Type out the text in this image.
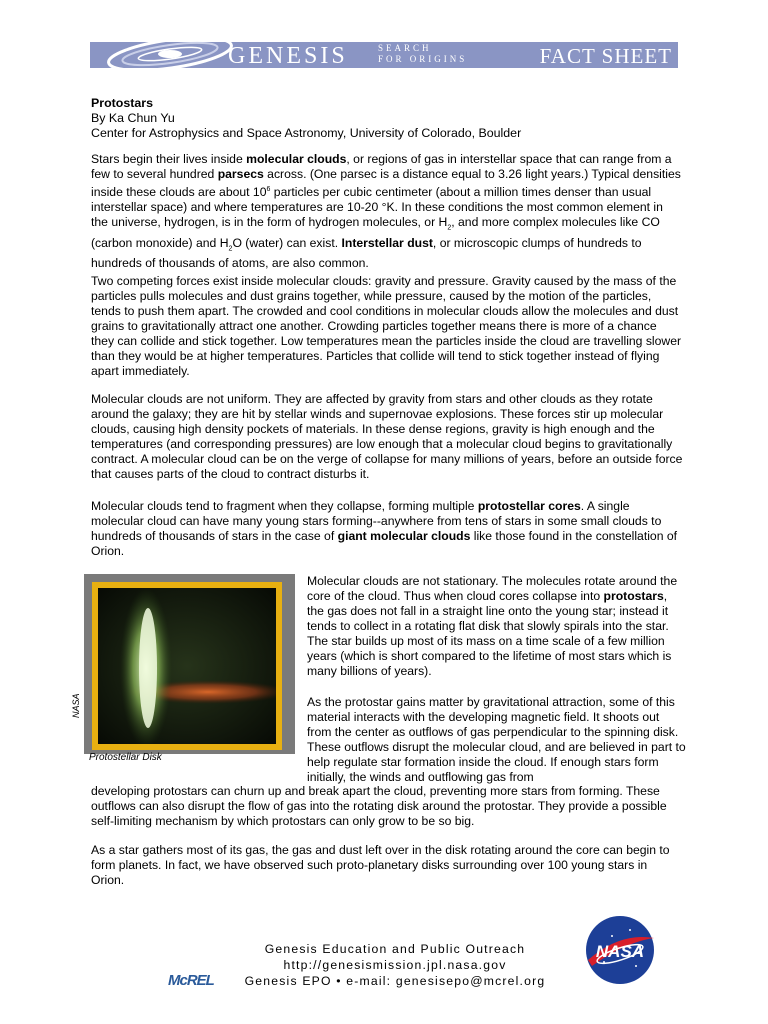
GENESIS	SEARCH
FOR ORIGINS	FACT SHEET
Protostars
By Ka Chun Yu
Center for Astrophysics and Space Astronomy, University of Colorado, Boulder
Stars begin their lives inside molecular clouds, or regions of gas in interstellar space that can range from a few to several hundred parsecs across. (One parsec is a distance equal to 3.26 light years.) Typical densities inside these clouds are about $10^6$ particles per cubic centimeter (about a million times denser than usual interstellar space) and where temperatures are 10-20 °K. In these conditions the most common element in the universe, hydrogen, is in the form of hydrogen molecules, or $H_2$, and more complex molecules like CO (carbon monoxide) and $H_2O$ (water) can exist. Interstellar dust, or microscopic clumps of hundreds to hundreds of thousands of atoms, are also common.
Two competing forces exist inside molecular clouds: gravity and pressure. Gravity caused by the mass of the particles pulls molecules and dust grains together, while pressure, caused by the motion of the particles, tends to push them apart. The crowded and cool conditions in molecular clouds allow the molecules and dust grains to gravitationally attract one another. Crowding particles together means there is more of a chance they can collide and stick together. Low temperatures mean the particles inside the cloud are travelling slower than they would be at higher temperatures. Particles that collide will tend to stick together instead of flying apart immediately.
Molecular clouds are not uniform. They are affected by gravity from stars and other clouds as they rotate around the galaxy; they are hit by stellar winds and supernovae explosions. These forces stir up molecular clouds, causing high density pockets of materials. In these dense regions, gravity is high enough and the temperatures (and corresponding pressures) are low enough that a molecular cloud begins to gravitationally contract. A molecular cloud can be on the verge of collapse for many millions of years, before an outside force that causes parts of the cloud to contract disturbs it.
Molecular clouds tend to fragment when they collapse, forming multiple protostellar cores. A single molecular cloud can have many young stars forming--anywhere from tens of stars in some small clouds to hundreds of thousands of stars in the case of giant molecular clouds like those found in the constellation of Orion.
NASA
Protostellar Disk
Molecular clouds are not stationary. The molecules rotate around the core of the cloud. Thus when cloud cores collapse into protostars, the gas does not fall in a straight line onto the young star; instead it tends to collect in a rotating flat disk that slowly spirals into the star. The star builds up most of its mass on a time scale of a few million years (which is short compared to the lifetime of most stars which is many billions of years).
As the protostar gains matter by gravitational attraction, some of this material interacts with the developing magnetic field. It shoots out from the center as outflows of gas perpendicular to the spinning disk. These outflows disrupt the molecular cloud, and are believed in part to help regulate star formation inside the cloud. If enough stars form initially, the winds and outflowing gas from
developing protostars can churn up and break apart the cloud, preventing more stars from forming. These outflows can also disrupt the flow of gas into the rotating disk around the protostar. They provide a possible self-limiting mechanism by which protostars can only grow to be so big.
As a star gathers most of its gas, the gas and dust left over in the disk rotating around the core can begin to form planets. In fact, we have observed such proto-planetary disks surrounding over 100 young stars in Orion.
Genesis Education and Public Outreach
http://genesismission.jpl.nasa.gov
Genesis EPO • e-mail: genesisepo@mcrel.org
McREL
NASA
